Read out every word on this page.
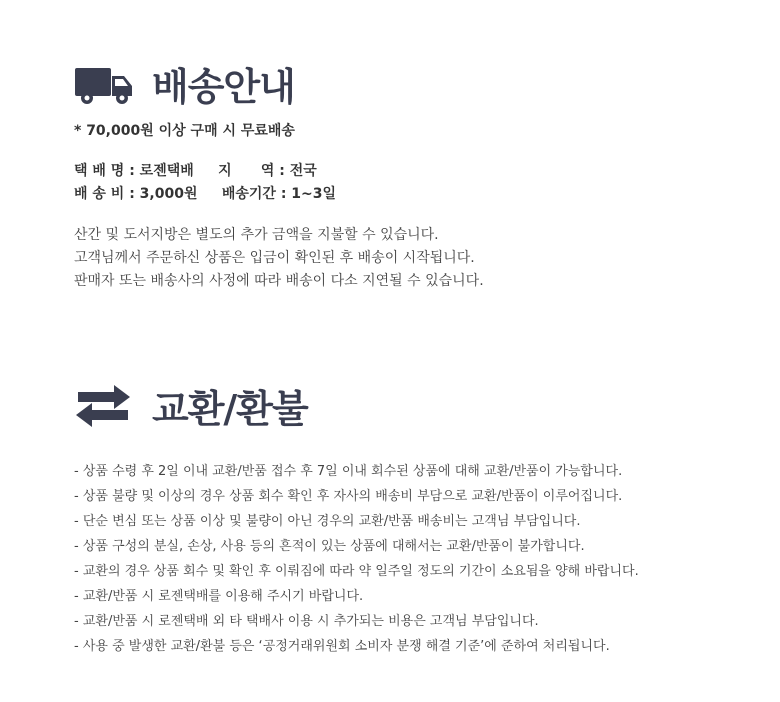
배송안내
* 70,000원 이상 구매 시 무료배송
택 배 명 : 로젠택배     지      역 : 전국
배 송 비 : 3,000원     배송기간 : 1~3일
산간 및 도서지방은 별도의 추가 금액을 지불할 수 있습니다.
고객님께서 주문하신 상품은 입금이 확인된 후 배송이 시작됩니다.
판매자 또는 배송사의 사정에 따라 배송이 다소 지연될 수 있습니다.
교환/환불
- 상품 수령 후 2일 이내 교환/반품 접수 후 7일 이내 회수된 상품에 대해 교환/반품이 가능합니다.
- 상품 불량 및 이상의 경우 상품 회수 확인 후 자사의 배송비 부담으로 교환/반품이 이루어집니다.
- 단순 변심 또는 상품 이상 및 불량이 아닌 경우의 교환/반품 배송비는 고객님 부담입니다.
- 상품 구성의 분실, 손상, 사용 등의 흔적이 있는 상품에 대해서는 교환/반품이 불가합니다.
- 교환의 경우 상품 회수 및 확인 후 이뤄짐에 따라 약 일주일 정도의 기간이 소요됨을 양해 바랍니다.
- 교환/반품 시 로젠택배를 이용해 주시기 바랍니다.
- 교환/반품 시 로젠택배 외 타 택배사 이용 시 추가되는 비용은 고객님 부담입니다.
- 사용 중 발생한 교환/환불 등은 ‘공정거래위원회 소비자 분쟁 해결 기준’에 준하여 처리됩니다.
